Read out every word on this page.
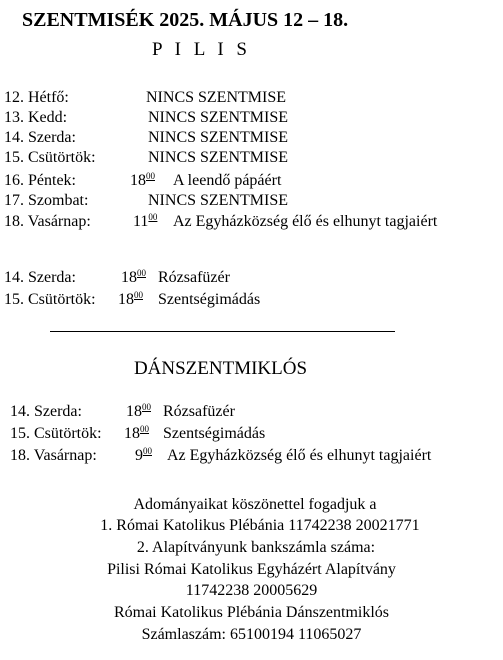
SZENTMISÉK 2025. MÁJUS 12 – 18.
P I L I S
12. Hétfő:	NINCS SZENTMISE
13. Kedd:	NINCS SZENTMISE
14. Szerda:	NINCS SZENTMISE
15. Csütörtök:	NINCS SZENTMISE
16. Péntek:	$18^{00}$ A leendő pápáért
17. Szombat:	NINCS SZENTMISE
18. Vasárnap:	$11^{00}$ Az Egyházközség élő és elhunyt tagjaiért
14. Szerda:	$18^{00}$ Rózsafüzér
15. Csütörtök: $18^{00}$ Szentségimádás
DÁNSZENTMIKLÓS
14. Szerda:	$18^{00}$ Rózsafüzér
15. Csütörtök: $18^{00}$ Szentségimádás
18. Vasárnap: $9^{00}$ Az Egyházközség élő és elhunyt tagjaiért
Adományaikat köszönettel fogadjuk a
1. Római Katolikus Plébánia 11742238 20021771
2. Alapítványunk bankszámla száma:
Pilisi Római Katolikus Egyházért Alapítvány
11742238 20005629
Római Katolikus Plébánia Dánszentmiklós
Számlaszám: 65100194 11065027
